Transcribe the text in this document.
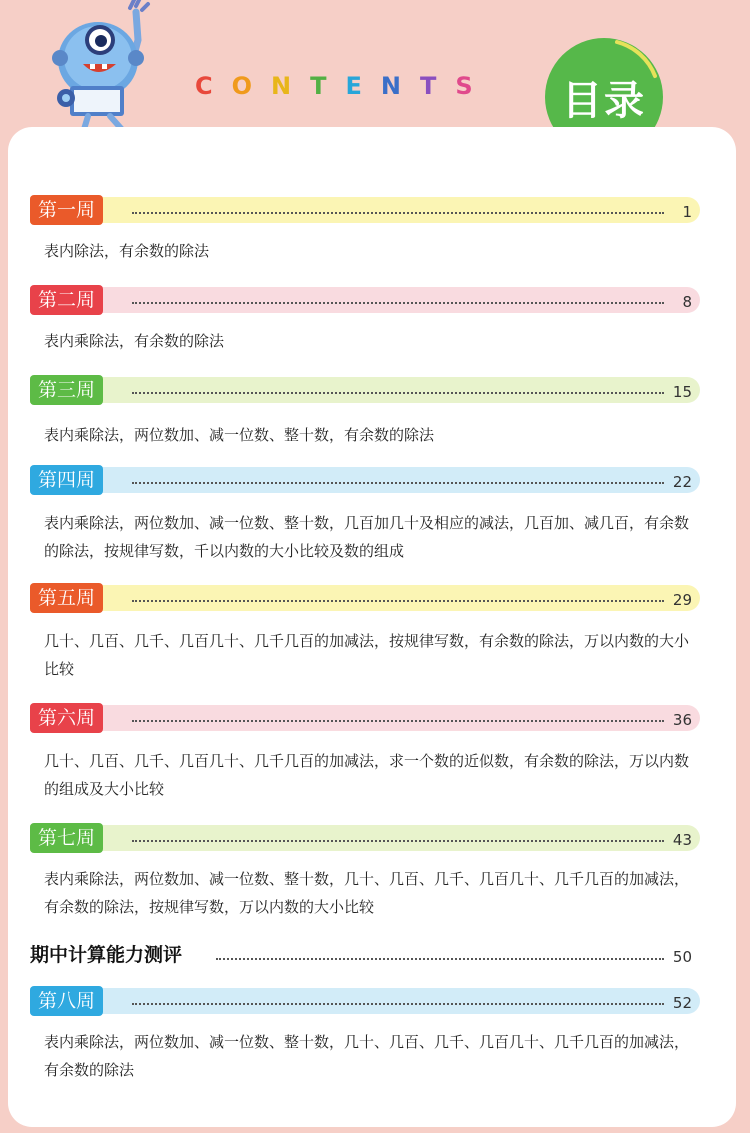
CONTENTS 目录
第一周	1
表内除法，有余数的除法
第二周	8
表内乘除法，有余数的除法
第三周	15
表内乘除法，两位数加、减一位数、整十数，有余数的除法
第四周	22
表内乘除法，两位数加、减一位数、整十数，几百加几十及相应的减法，几百加、减几百，有余数的除法，按规律写数，千以内数的大小比较及数的组成
第五周	29
几十、几百、几千、几百几十、几千几百的加减法，按规律写数，有余数的除法，万以内数的大小比较
第六周	36
几十、几百、几千、几百几十、几千几百的加减法，求一个数的近似数，有余数的除法，万以内数的组成及大小比较
第七周	43
表内乘除法，两位数加、减一位数、整十数，几十、几百、几千、几百几十、几千几百的加减法，有余数的除法，按规律写数，万以内数的大小比较
期中计算能力测评	50
第八周	52
表内乘除法，两位数加、减一位数、整十数，几十、几百、几千、几百几十、几千几百的加减法，有余数的除法
